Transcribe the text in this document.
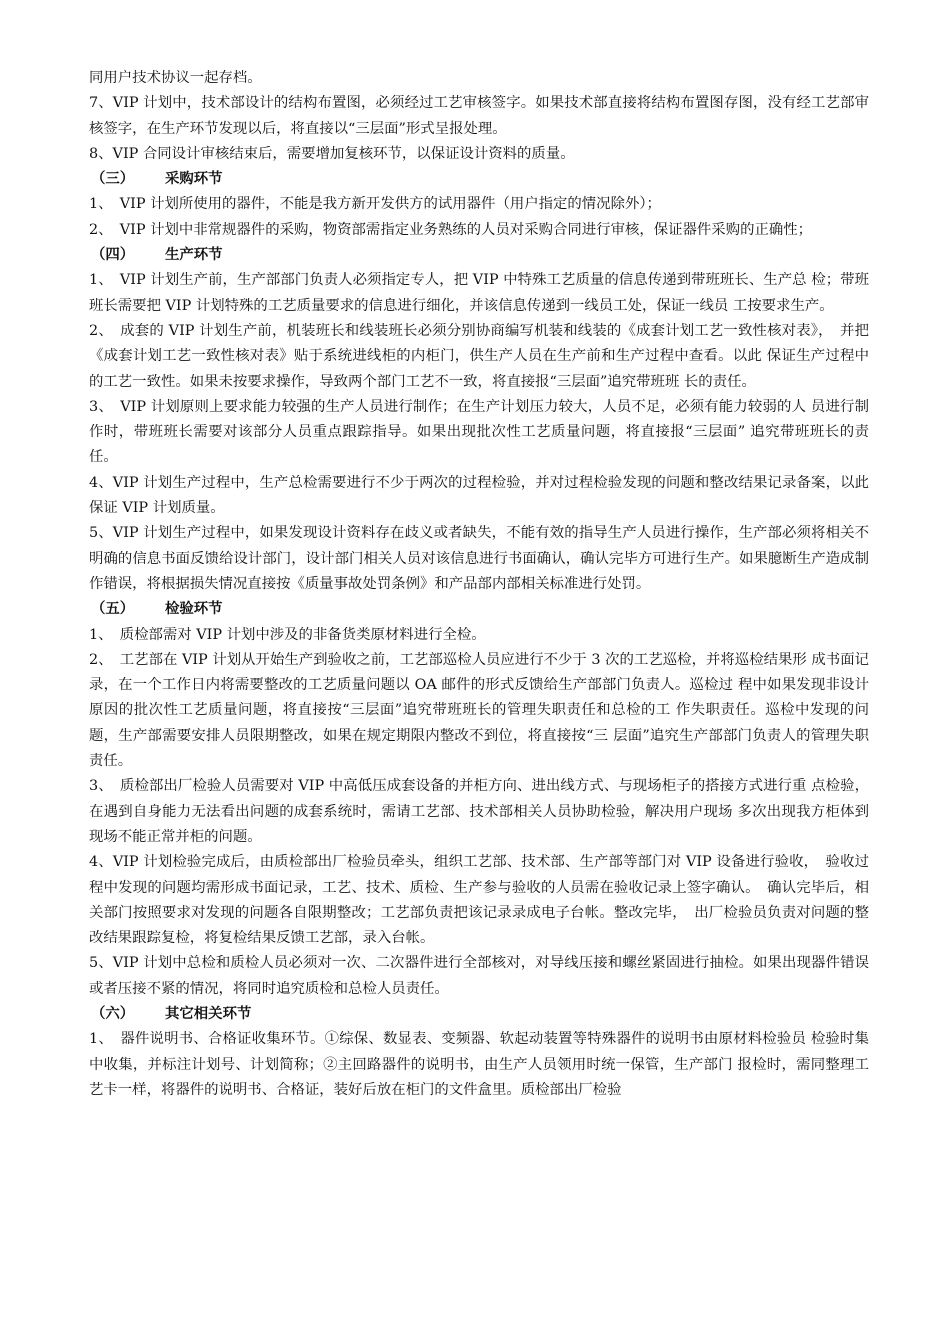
同用户技术协议一起存档。

7、VIP 计划中，技术部设计的结构布置图，必须经过工艺审核签字。如果技术部直接将结构布置图存图，没有经工艺部审核签字，在生产环节发现以后，将直接以“三层面”形式呈报处理。

8、VIP 合同设计审核结束后，需要增加复核环节，以保证设计资料的质量。

（三） 采购环节

1、　VIP 计划所使用的器件，不能是我方新开发供方的试用器件（用户指定的情况除外）；

2、　VIP 计划中非常规器件的采购，物资部需指定业务熟练的人员对采购合同进行审核，保证器件采购的正确性；

（四） 生产环节

1、　VIP 计划生产前，生产部部门负责人必须指定专人，把 VIP 中特殊工艺质量的信息传递到带班班长、生产总 检；带班班长需要把 VIP 计划特殊的工艺质量要求的信息进行细化，并该信息传递到一线员工处，保证一线员 工按要求生产。

2、　成套的 VIP 计划生产前，机装班长和线装班长必须分别协商编写机装和线装的《成套计划工艺一致性核对表》，　并把《成套计划工艺一致性核对表》贴于系统进线柜的内柜门，供生产人员在生产前和生产过程中查看。以此 保证生产过程中的工艺一致性。如果未按要求操作，导致两个部门工艺不一致，将直接报“三层面”追究带班班 长的责任。

3、　VIP 计划原则上要求能力较强的生产人员进行制作；在生产计划压力较大，人员不足，必须有能力较弱的人 员进行制作时，带班班长需要对该部分人员重点跟踪指导。如果出现批次性工艺质量问题，将直接报“三层面” 追究带班班长的责任。

4、VIP 计划生产过程中，生产总检需要进行不少于两次的过程检验，并对过程检验发现的问题和整改结果记录备案，以此保证 VIP 计划质量。

5、VIP 计划生产过程中，如果发现设计资料存在歧义或者缺失，不能有效的指导生产人员进行操作，生产部必须将相关不明确的信息书面反馈给设计部门，设计部门相关人员对该信息进行书面确认，确认完毕方可进行生产。如果臆断生产造成制作错误，将根据损失情况直接按《质量事故处罚条例》和产品部内部相关标准进行处罚。

（五） 检验环节

1、　质检部需对 VIP 计划中涉及的非备货类原材料进行全检。

2、　工艺部在 VIP 计划从开始生产到验收之前，工艺部巡检人员应进行不少于 3 次的工艺巡检，并将巡检结果形 成书面记录，在一个工作日内将需要整改的工艺质量问题以 OA 邮件的形式反馈给生产部部门负责人。巡检过 程中如果发现非设计原因的批次性工艺质量问题，将直接按“三层面”追究带班班长的管理失职责任和总检的工 作失职责任。巡检中发现的问题，生产部需要安排人员限期整改，如果在规定期限内整改不到位，将直接按“三 层面”追究生产部部门负责人的管理失职责任。

3、　质检部出厂检验人员需要对 VIP 中高低压成套设备的并柜方向、进出线方式、与现场柜子的搭接方式进行重 点检验，在遇到自身能力无法看出问题的成套系统时，需请工艺部、技术部相关人员协助检验，解决用户现场 多次出现我方柜体到现场不能正常并柜的问题。

4、VIP 计划检验完成后，由质检部出厂检验员牵头，组织工艺部、技术部、生产部等部门对 VIP 设备进行验收，　验收过程中发现的问题均需形成书面记录，工艺、技术、质检、生产参与验收的人员需在验收记录上签字确认。　确认完毕后，相关部门按照要求对发现的问题各自限期整改；工艺部负责把该记录录成电子台帐。整改完毕，　出厂检验员负责对问题的整改结果跟踪复检，将复检结果反馈工艺部，录入台帐。

5、VIP 计划中总检和质检人员必须对一次、二次器件进行全部核对，对导线压接和螺丝紧固进行抽检。如果出现器件错误或者压接不紧的情况，将同时追究质检和总检人员责任。

（六） 其它相关环节

1、　器件说明书、合格证收集环节。①综保、数显表、变频器、软起动装置等特殊器件的说明书由原材料检验员 检验时集中收集，并标注计划号、计划简称；②主回路器件的说明书，由生产人员领用时统一保管，生产部门 报检时，需同整理工艺卡一样，将器件的说明书、合格证，装好后放在柜门的文件盒里。质检部出厂检验
